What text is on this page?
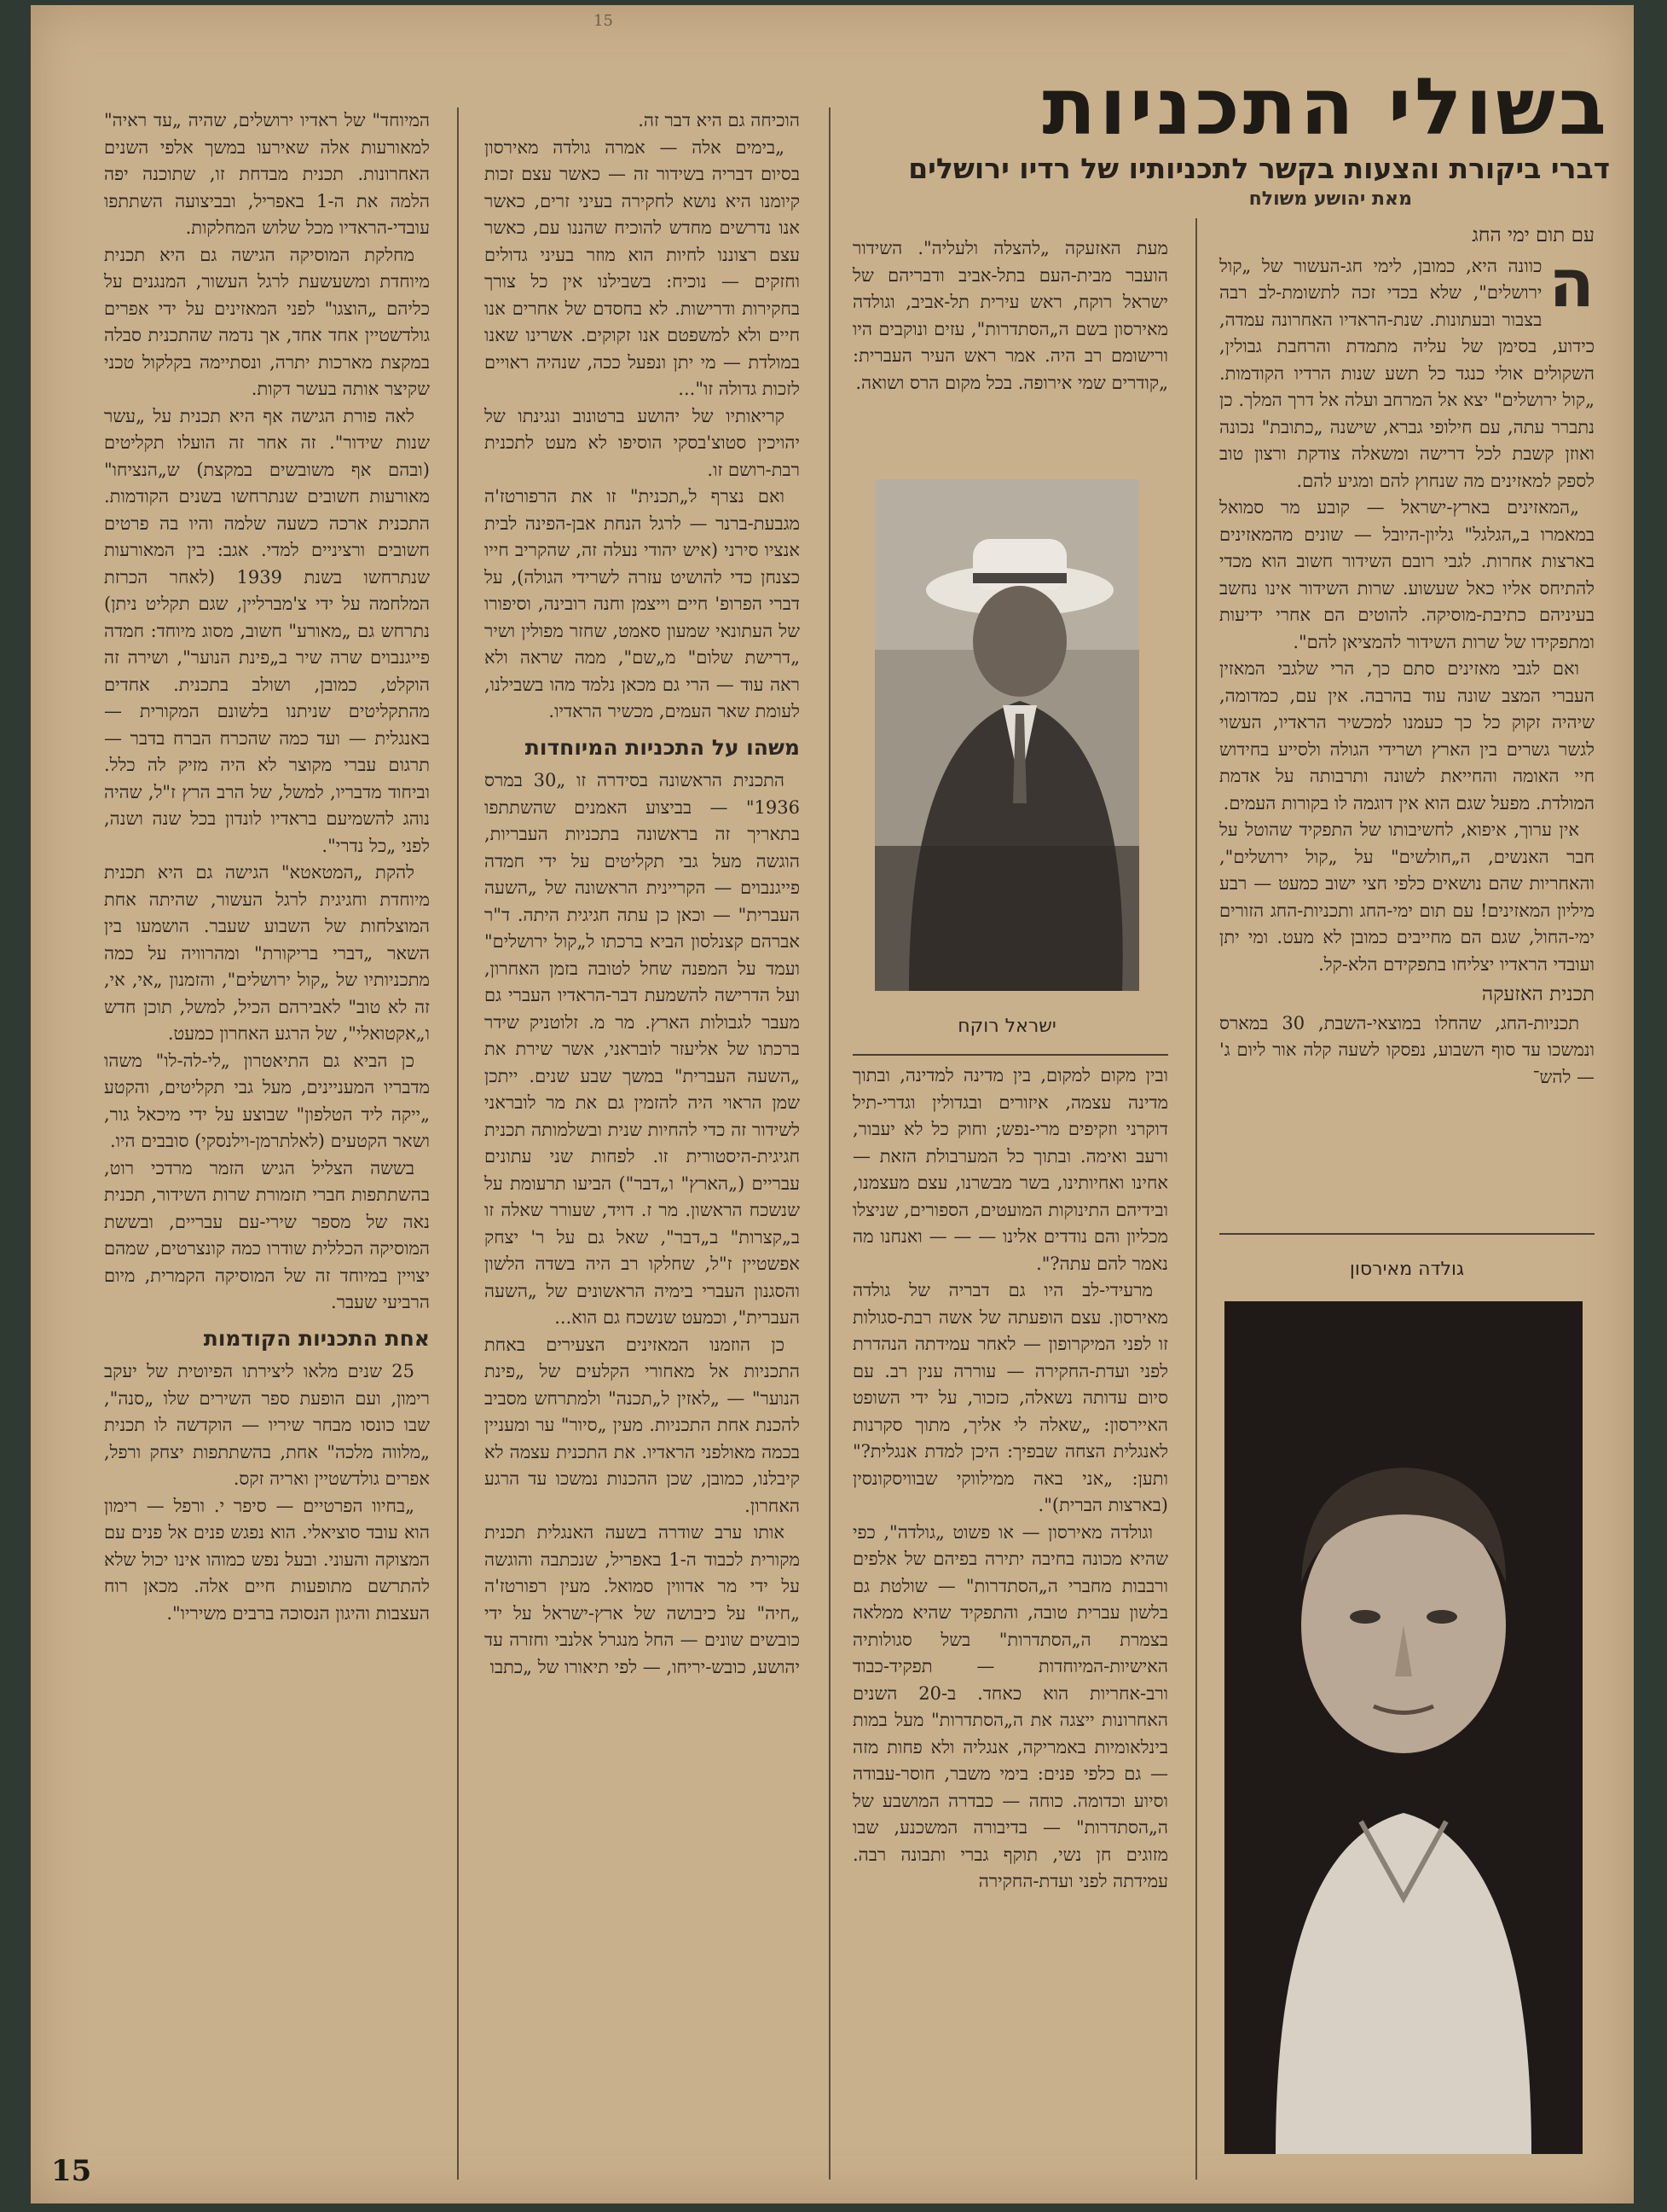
15
בשולי התכניות
דברי ביקורת והצעות בקשר לתכניותיו של רדיו ירושלים
מאת יהושע משולח
עם תום ימי החג
ה

כוונה היא, כמובן, לימי חג-העשור של „קול ירושלים", שלא בכדי זכה לתשומת-לב רבה בצבור ובעתונות. שנת-הראדיו האחרונה עמדה, כידוע, בסימן של עליה מתמדת והרחבת גבולין, השקולים אולי כנגד כל תשע שנות הרדיו הקודמות. „קול ירושלים" יצא אל המרחב ועלה אל דרך המלך. כן נתברר עתה, עם חילופי גברא, שישנה „כתובת" נכונה ואוזן קשבת לכל דרישה ומשאלה צודקת ורצון טוב לספק למאזינים מה שנחוץ להם ומגיע להם.

„המאזינים בארץ-ישראל — קובע מר סמואל במאמרו ב„הגלגל" גליון-היובל — שונים מהמאזינים בארצות אחרות. לגבי רובם השידור חשוב הוא מכדי להתיחס אליו כאל שעשוע. שרות השידור אינו נחשב בעיניהם כתיבת-מוסיקה. להוטים הם אחרי ידיעות ומתפקידו של שרות השידור להמציאן להם".

ואם לגבי מאזינים סתם כך, הרי שלגבי המאזין העברי המצב שונה עוד בהרבה. אין עם, כמדומה, שיהיה זקוק כל כך כעמנו למכשיר הראדיו, העשוי לגשר גשרים בין הארץ ושרידי הגולה ולסייע בחידוש חיי האומה והחייאת לשונה ותרבותה על אדמת המולדת. מפעל שגם הוא אין דוגמה לו בקורות העמים.

אין ערוך, איפוא, לחשיבותו של התפקיד שהוטל על חבר האנשים, ה„חולשים" על „קול ירושלים", והאחריות שהם נושאים כלפי חצי ישוב כמעט — רבע מיליון המאזינים! עם תום ימי-החג ותכניות-החג הזורים ימי-החול, שגם הם מחייבים כמובן לא מעט. ומי יתן ועובדי הראדיו יצליחו בתפקידם הלא-קל.

תכנית האזעקה

תכניות-החג, שהחלו במוצאי-השבת, 30 במארס ונמשכו עד סוף השבוע, נפסקו לשעה קלה אור ליום ג' — להש־

גולדה מאירסון

מעת האזעקה „להצלה ולעליה". השידור הועבר מבית-העם בתל-אביב ודבריהם של ישראל רוקח, ראש עירית תל-אביב, וגולדה מאירסון בשם ה„הסתדרות", עזים ונוקבים היו ורישומם רב היה. אמר ראש העיר העברית: „קודרים שמי אירופה. בכל מקום הרס ושואה.

ישראל רוקח

ובין מקום למקום, בין מדינה למדינה, ובתוך מדינה עצמה, איזורים ובגדולין וגדרי-תיל דוקרני וזקיפים מרי-נפש; וחוק כל לא יעבור, ורעב ואימה. ובתוך כל המערבולת הזאת — אחינו ואחיותינו, בשר מבשרנו, עצם מעצמנו, ובידיהם התינוקות המועטים, הספורים, שניצלו מכליון והם נודדים אלינו — — — ואנחנו מה נאמר להם עתה?".

מרעידי-לב היו גם דבריה של גולדה מאירסון. עצם הופעתה של אשה רבת-סגולות זו לפני המיקרופון — לאחר עמידתה הנהדרת לפני ועדת-החקירה — עוררה ענין רב. עם סיום עדותה נשאלה, כזכור, על ידי השופט האיירסון: „שאלה לי אליך, מתוך סקרנות לאנגלית הצחה שבפיך: היכן למדת אנגלית?" ותען: „אני באה ממילווקי שבוויסקונסין (בארצות הברית)".

וגולדה מאירסון — או פשוט „גולדה", כפי שהיא מכונה בחיבה יתירה בפיהם של אלפים ורבבות מחברי ה„הסתדרות" — שולטת גם בלשון עברית טובה, והתפקיד שהיא ממלאה בצמרת ה„הסתדרות" בשל סגולותיה האישיות-המיוחדות — תפקיד-כבוד ורב-אחריות הוא כאחד. ב-20 השנים האחרונות ייצגה את ה„הסתדרות" מעל במות בינלאומיות באמריקה, אנגליה ולא פחות מזה — גם כלפי פנים: בימי משבר, חוסר-עבודה וסיוע וכדומה. כוחה — כבדרה המושבע של ה„הסתדרות" — בדיבורה המשכנע, שבו מזוגים חן נשי, תוקף גברי ותבונה רבה. עמידתה לפני ועדת-החקירה

הוכיחה גם היא דבר זה.

„בימים אלה — אמרה גולדה מאירסון בסיום דבריה בשידור זה — כאשר עצם זכות קיומנו היא נושא לחקירה בעיני זרים, כאשר אנו נדרשים מחדש להוכיח שהננו עם, כאשר עצם רצוננו לחיות הוא מוזר בעיני גדולים וחזקים — נוכיח: בשבילנו אין כל צורך בחקירות ודרישות. לא בחסדם של אחרים אנו חיים ולא למשפטם אנו זקוקים. אשרינו שאנו במולדת — מי יתן ונפעל ככה, שנהיה ראויים לזכות גדולה זו"...

קריאותיו של יהושע ברטונוב ונגינתו של יהויכין סטוצ'בסקי הוסיפו לא מעט לתכנית רבת-רושם זו.

ואם נצרף ל„תכנית" זו את הרפורטז'ה מגבעת-ברנר — לרגל הנחת אבן-הפינה לבית אנציו סירני (איש יהודי נעלה זה, שהקריב חייו כצנחן כדי להושיט עזרה לשרידי הגולה), על דברי הפרופ' חיים וייצמן וחנה רובינה, וסיפורו של העתונאי שמעון סאמט, שחזר מפולין ושיר „דרישת שלום" מ„שם", ממה שראה ולא ראה עוד — הרי גם מכאן נלמד מהו בשבילנו, לעומת שאר העמים, מכשיר הראדיו.

משהו על התכניות המיוחדות

התכנית הראשונה בסידרה זו „30 במרס 1936" — בביצוע האמנים שהשתתפו בתאריך זה בראשונה בתכניות העבריות, הוגשה מעל גבי תקליטים על ידי חמדה פייגנבוים — הקריינית הראשונה של „השעה העברית" — וכאן כן עתה חגיגית היתה. ד"ר אברהם קצנלסון הביא ברכתו ל„קול ירושלים" ועמד על המפנה שחל לטובה בזמן האחרון, ועל הדרישה להשמעת דבר-הראדיו העברי גם מעבר לגבולות הארץ. מר מ. זלוטניק שידר ברכתו של אליעזר לובראני, אשר שירת את „השעה העברית" במשך שבע שנים. ייתכן שמן הראוי היה להזמין גם את מר לובראני לשידור זה כדי להחיות שנית ובשלמותה תכנית חגיגית-היסטורית זו. לפחות שני עתונים עבריים („הארץ" ו„דבר") הביעו תרעומת על שנשכח הראשון. מר ז. דויד, שעורר שאלה זו ב„קצרות" ב„דבר", שאל גם על ר' יצחק אפשטיין ז"ל, שחלקו רב היה בשדה הלשון והסגנון העברי בימיה הראשונים של „השעה העברית", וכמעט שנשכח גם הוא...

כן הוזמנו המאזינים הצעירים באחת התכניות אל מאחורי הקלעים של „פינת הנוער" — „לאזין ל„תכנה" ולמתרחש מסביב להכנת אחת התכניות. מעין „סיור" ער ומעניין בכמה מאולפני הראדיו. את התכנית עצמה לא קיבלנו, כמובן, שכן ההכנות נמשכו עד הרגע האחרון.

אותו ערב שודרה בשעה האנגלית תכנית מקורית לכבוד ה-1 באפריל, שנכתבה והוגשה על ידי מר אדווין סמואל. מעין רפורטז'ה „חיה" על כיבושה של ארץ-ישראל על ידי כובשים שונים — החל מנגרל אלנבי וחזרה עד יהושע, כובש-יריחו, — לפי תיאורו של „כתבו

המיוחד" של ראדיו ירושלים, שהיה „עד ראיה" למאורעות אלה שאירעו במשך אלפי השנים האחרונות. תכנית מבדחת זו, שתוכנה יפה הלמה את ה-1 באפריל, ובביצועה השתתפו עובדי-הראדיו מכל שלוש המחלקות.

מחלקת המוסיקה הגישה גם היא תכנית מיוחדת ומשעשעת לרגל העשור, המנגנים על כליהם „הוצגו" לפני המאזינים על ידי אפרים גולדשטיין אחד אחד, אך נדמה שהתכנית סבלה במקצת מארכות יתרה, ונסתיימה בקלקול טכני שקיצר אותה בעשר דקות.

לאה פורת הגישה אף היא תכנית על „עשר שנות שידור". זה אחר זה הועלו תקליטים (ובהם אף משובשים במקצת) ש„הנציחו" מאורעות חשובים שנתרחשו בשנים הקודמות. התכנית ארכה כשעה שלמה והיו בה פרטים חשובים ורציניים למדי. אגב: בין המאורעות שנתרחשו בשנת 1939 (לאחר הכרזת המלחמה על ידי צ'מברליין, שגם תקליט ניתן) נתרחש גם „מאורע" חשוב, מסוג מיוחד: חמדה פייגנבוים שרה שיר ב„פינת הנוער", ושירה זה הוקלט, כמובן, ושולב בתכנית. אחדים מהתקליטים שניתנו בלשונם המקורית — באנגלית — ועד כמה שהכרח הברח בדבר — תרגום עברי מקוצר לא היה מזיק לה כלל. וביחוד מדבריו, למשל, של הרב הרץ ז"ל, שהיה נוהג להשמיעם בראדיו לונדון בכל שנה ושנה, לפני „כל נדרי".

להקת „המטאטא" הגישה גם היא תכנית מיוחדת וחגיגית לרגל העשור, שהיתה אחת המוצלחות של השבוע שעבר. הושמעו בין השאר „דברי בריקורת" ומהרוויה על כמה מתכניותיו של „קול ירושלים", והזמנון „אי, אי, זה לא טוב" לאבירהם הכיל, למשל, תוכן חדש ו„אקטואלי", של הרגע האחרון כמעט.

כן הביא גם התיאטרון „לי-לה-לו" משהו מדבריו המעניינים, מעל גבי תקליטים, והקטע „ייקה ליד הטלפון" שבוצע על ידי מיכאל גור, ושאר הקטעים (לאלתרמן-וילנסקי) סובבים היו.

בששה הצליל הגיש הזמר מרדכי רוט, בהשתתפות חברי תזמורת שרות השידור, תכנית נאה של מספר שירי-עם עבריים, ובששת המוסיקה הכללית שודרו כמה קונצרטים, שמהם יצויין במיוחד זה של המוסיקה הקמרית, מיום הרביעי שעבר.

אחת התכניות הקודמות

25 שנים מלאו ליצירתו הפיוטית של יעקב רימון, ועם הופעת ספר השירים שלו „סנה", שבו כונסו מבחר שיריו — הוקדשה לו תכנית „מלווה מלכה" אחת, בהשתתפות יצחק ורפל, אפרים גולדשטיין ואריה זקס.

„בחיוו הפרטיים — סיפר י. ורפל — רימון הוא עובד סוציאלי. הוא נפגש פנים אל פנים עם המצוקה והעוני. ובעל נפש כמוהו אינו יכול שלא להתרשם מתופעות חיים אלה. מכאן רוח העצבות והיגון הנסוכה ברבים משיריו".

15
